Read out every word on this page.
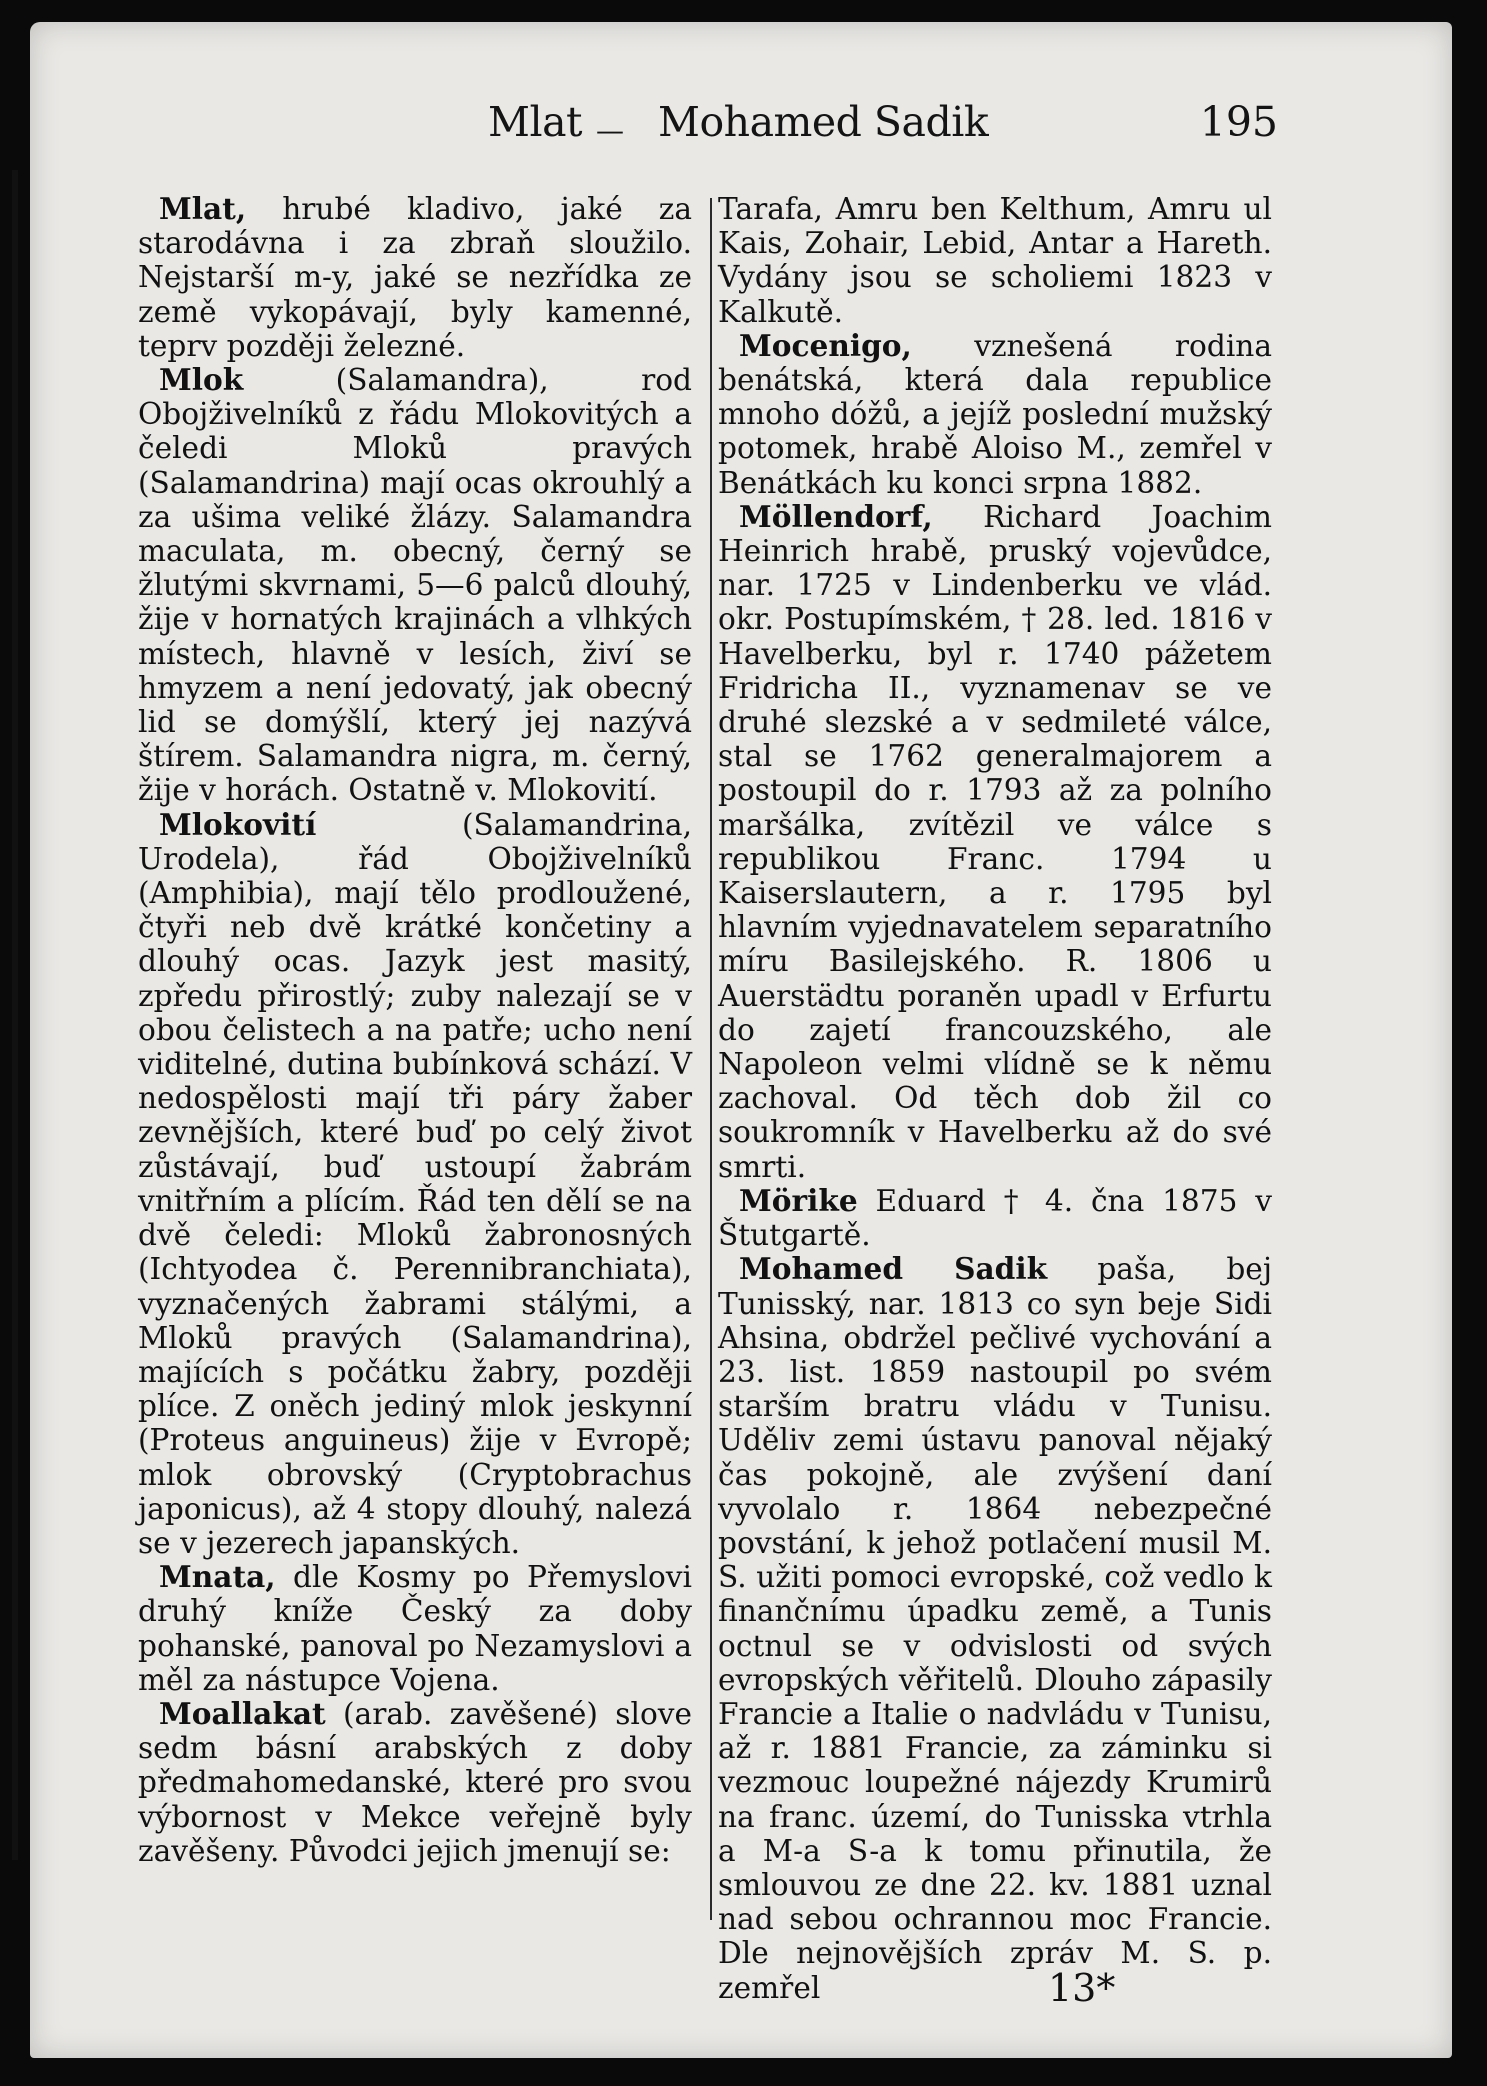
Mlat — Mohamed Sadik	195

Mlat, hrubé kladivo, jaké za starodávna i za zbraň sloužilo. Nejstarší m-y, jaké se nezřídka ze země vykopávají, byly kamenné, teprv později železné.

Mlok (Salamandra), rod Obojživelníků z řádu Mlokovitých a čeledi Mloků pravých (Salamandrina) mají ocas okrouhlý a za ušima veliké žlázy. Salamandra maculata, m. obecný, černý se žlutými skvrnami, 5—6 palců dlouhý, žije v hornatých krajinách a vlhkých místech, hlavně v lesích, živí se hmyzem a není jedovatý, jak obecný lid se domýšlí, který jej nazývá štírem. Salamandra nigra, m. černý, žije v horách. Ostatně v. Mlokovití.

Mlokovití (Salamandrina, Urodela), řád Obojživelníků (Amphibia), mají tělo prodloužené, čtyři neb dvě krátké končetiny a dlouhý ocas. Jazyk jest masitý, zpředu přirostlý; zuby nalezají se v obou čelistech a na patře; ucho není viditelné, dutina bubínková schází. V nedospělosti mají tři páry žaber zevnějších, které buď po celý život zůstávají, buď ustoupí žabrám vnitřním a plícím. Řád ten dělí se na dvě čeledi: Mloků žabronosných (Ichtyodea č. Perennibranchiata), vyznačených žabrami stálými, a Mloků pravých (Salamandrina), majících s počátku žabry, později plíce. Z oněch jediný mlok jeskynní (Proteus anguineus) žije v Evropě; mlok obrovský (Cryptobrachus japonicus), až 4 stopy dlouhý, nalezá se v jezerech japanských.

Mnata, dle Kosmy po Přemyslovi druhý kníže Český za doby pohanské, panoval po Nezamyslovi a měl za nástupce Vojena.

Moallakat (arab. zavěšené) slove sedm básní arabských z doby předmahomedanské, které pro svou výbornost v Mekce veřejně byly zavěšeny. Původci jejich jmenují se:

Tarafa, Amru ben Kelthum, Amru ul Kais, Zohair, Lebid, Antar a Hareth. Vydány jsou se scholiemi 1823 v Kalkutě.

Mocenigo, vznešená rodina benátská, která dala republice mnoho dóžů, a jejíž poslední mužský potomek, hrabě Aloiso M., zemřel v Benátkách ku konci srpna 1882.

Möllendorf, Richard Joachim Heinrich hrabě, pruský vojevůdce, nar. 1725 v Lindenberku ve vlád. okr. Postupímském, † 28. led. 1816 v Havelberku, byl r. 1740 pážetem Fridricha II., vyznamenav se ve druhé slezské a v sedmileté válce, stal se 1762 generalmajorem a postoupil do r. 1793 až za polního maršálka, zvítězil ve válce s republikou Franc. 1794 u Kaiserslautern, a r. 1795 byl hlavním vyjednavatelem separatního míru Basilejského. R. 1806 u Auerstädtu poraněn upadl v Erfurtu do zajetí francouzského, ale Napoleon velmi vlídně se k němu zachoval. Od těch dob žil co soukromník v Havelberku až do své smrti.

Mörike Eduard † 4. čna 1875 v Štutgartě.

Mohamed Sadik paša, bej Tunisský, nar. 1813 co syn beje Sidi Ahsina, obdržel pečlivé vychování a 23. list. 1859 nastoupil po svém starším bratru vládu v Tunisu. Uděliv zemi ústavu panoval nějaký čas pokojně, ale zvýšení daní vyvolalo r. 1864 nebezpečné povstání, k jehož potlačení musil M. S. užiti pomoci evropské, což vedlo k finančnímu úpadku země, a Tunis octnul se v odvislosti od svých evropských věřitelů. Dlouho zápasily Francie a Italie o nadvládu v Tunisu, až r. 1881 Francie, za záminku si vezmouc loupežné nájezdy Krumirů na franc. území, do Tunisska vtrhla a M-a S-a k tomu přinutila, že smlouvou ze dne 22. kv. 1881 uznal nad sebou ochrannou moc Francie. Dle nejnovějších zpráv M. S. p. zemřel	13*
